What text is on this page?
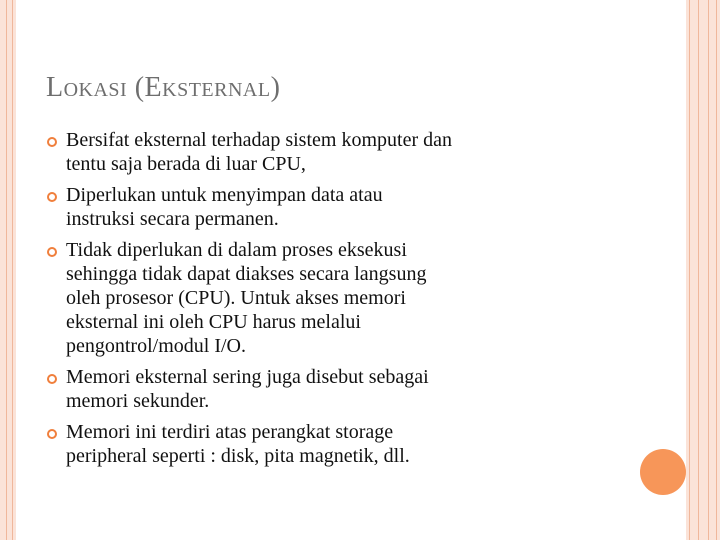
Lokasi (Eksternal)
Bersifat eksternal terhadap sistem komputer dan
tentu saja berada di luar CPU,
Diperlukan untuk menyimpan data atau
instruksi secara permanen.
Tidak diperlukan di dalam proses eksekusi
sehingga tidak dapat diakses secara langsung
oleh prosesor (CPU). Untuk akses memori
eksternal ini oleh CPU harus melalui
pengontrol/modul I/O.
Memori eksternal sering juga disebut sebagai
memori sekunder.
Memori ini terdiri atas perangkat storage
peripheral seperti : disk, pita magnetik, dll.
